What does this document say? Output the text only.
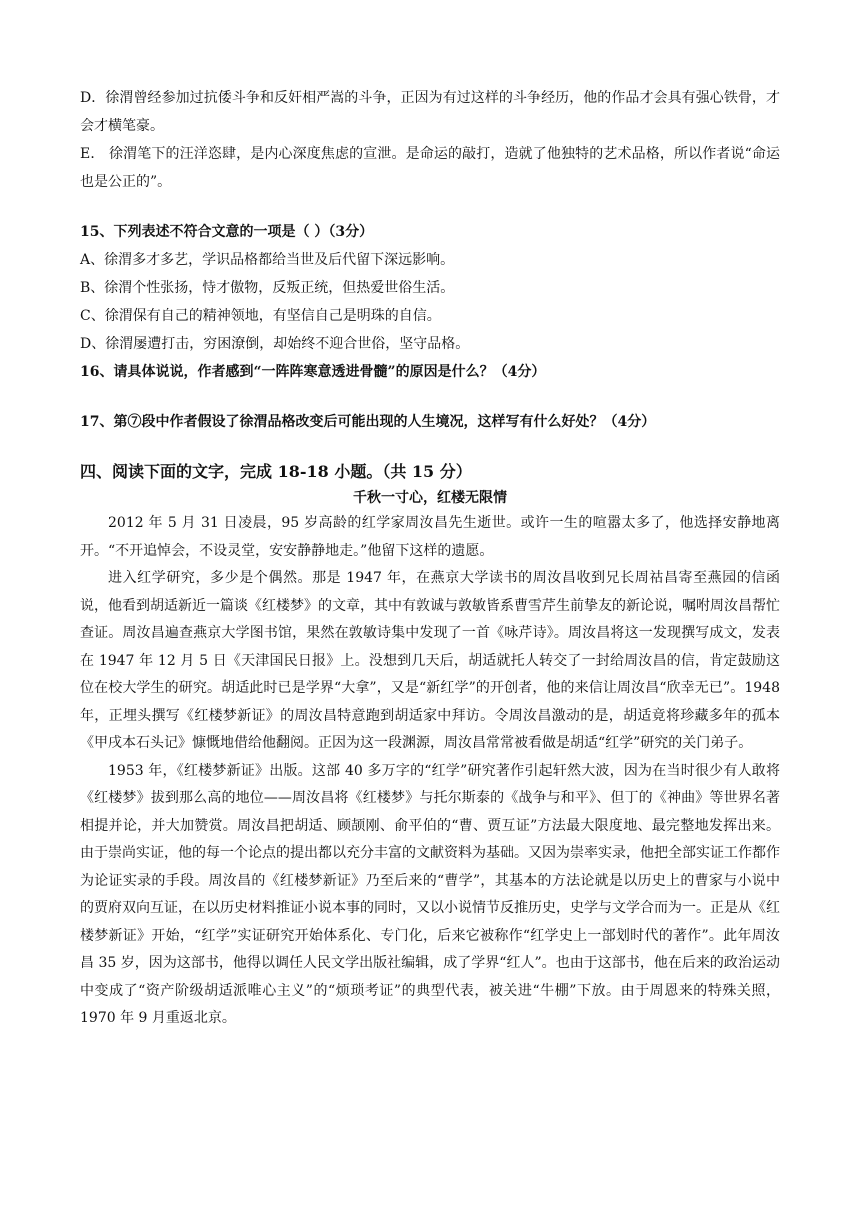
D．徐渭曾经参加过抗倭斗争和反奸相严嵩的斗争，正因为有过这样的斗争经历，他的作品才会具有强心铁骨，才会才横笔豪。

E． 徐渭笔下的汪洋恣肆，是内心深度焦虑的宣泄。是命运的敲打，造就了他独特的艺术品格，所以作者说“命运也是公正的”。

15、下列表述不符合文意的一项是（ ）（3分）

A、徐渭多才多艺，学识品格都给当世及后代留下深远影响。

B、徐渭个性张扬，恃才傲物，反叛正统，但热爱世俗生活。

C、徐渭保有自己的精神领地，有坚信自己是明珠的自信。

D、徐渭屡遭打击，穷困潦倒，却始终不迎合世俗，坚守品格。

16、请具体说说，作者感到“一阵阵寒意透进骨髓”的原因是什么？（4分）

17、第⑦段中作者假设了徐渭品格改变后可能出现的人生境况，这样写有什么好处？（4分）

四、阅读下面的文字，完成 18-18 小题。（共 15 分）

千秋一寸心，红楼无限情

2012 年 5 月 31 日凌晨，95 岁高龄的红学家周汝昌先生逝世。或许一生的喧嚣太多了，他选择安静地离开。“不开追悼会，不设灵堂，安安静静地走。”他留下这样的遗愿。

进入红学研究，多少是个偶然。那是 1947 年，在燕京大学读书的周汝昌收到兄长周祜昌寄至燕园的信函说，他看到胡适新近一篇谈《红楼梦》的文章，其中有敦诚与敦敏皆系曹雪芹生前挚友的新论说，嘱咐周汝昌帮忙查证。周汝昌遍查燕京大学图书馆，果然在敦敏诗集中发现了一首《咏芹诗》。周汝昌将这一发现撰写成文，发表在 1947 年 12 月 5 日《天津国民日报》上。没想到几天后，胡适就托人转交了一封给周汝昌的信，肯定鼓励这位在校大学生的研究。胡适此时已是学界“大拿”，又是“新红学”的开创者，他的来信让周汝昌“欣幸无已”。1948 年，正埋头撰写《红楼梦新证》的周汝昌特意跑到胡适家中拜访。令周汝昌激动的是，胡适竟将珍藏多年的孤本《甲戌本石头记》慷慨地借给他翻阅。正因为这一段渊源，周汝昌常常被看做是胡适“红学”研究的关门弟子。

1953 年，《红楼梦新证》出版。这部 40 多万字的“红学”研究著作引起轩然大波，因为在当时很少有人敢将《红楼梦》拔到那么高的地位——周汝昌将《红楼梦》与托尔斯泰的《战争与和平》、但丁的《神曲》等世界名著相提并论，并大加赞赏。周汝昌把胡适、顾颉刚、俞平伯的“曹、贾互证”方法最大限度地、最完整地发挥出来。由于崇尚实证，他的每一个论点的提出都以充分丰富的文献资料为基础。又因为崇率实录，他把全部实证工作都作为论证实录的手段。周汝昌的《红楼梦新证》乃至后来的“曹学”，其基本的方法论就是以历史上的曹家与小说中的贾府双向互证，在以历史材料推证小说本事的同时，又以小说情节反推历史，史学与文学合而为一。正是从《红楼梦新证》开始，“红学”实证研究开始体系化、专门化，后来它被称作“红学史上一部划时代的著作”。此年周汝昌 35 岁，因为这部书，他得以调任人民文学出版社编辑，成了学界“红人”。也由于这部书，他在后来的政治运动中变成了“资产阶级胡适派唯心主义”的“烦琐考证”的典型代表，被关进“牛棚”下放。由于周恩来的特殊关照，1970 年 9 月重返北京。
